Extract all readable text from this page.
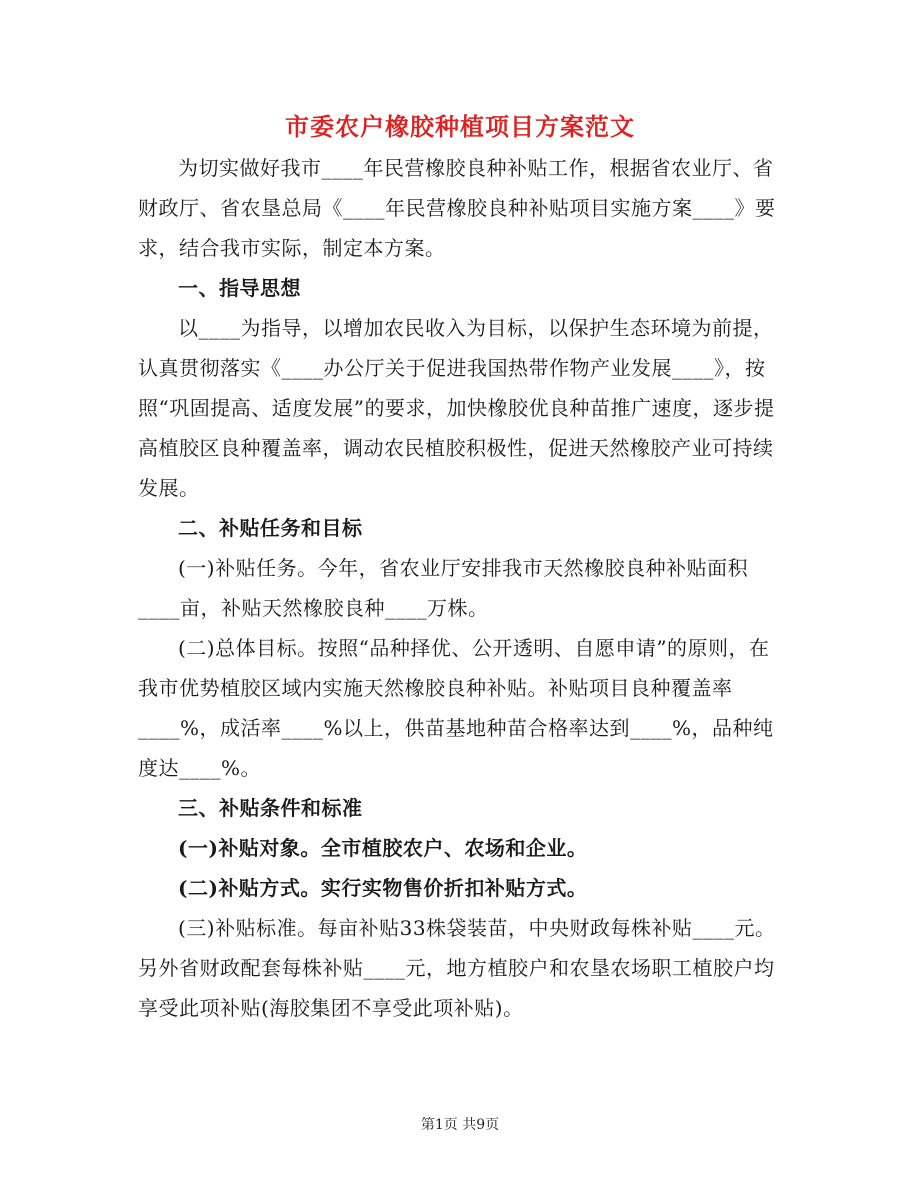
市委农户橡胶种植项目方案范文

为切实做好我市____年民营橡胶良种补贴工作，根据省农业厅、省财政厅、省农垦总局《____年民营橡胶良种补贴项目实施方案____》要求，结合我市实际，制定本方案。

一、指导思想

以____为指导，以增加农民收入为目标，以保护生态环境为前提，认真贯彻落实《____办公厅关于促进我国热带作物产业发展____》，按照“巩固提高、适度发展”的要求，加快橡胶优良种苗推广速度，逐步提高植胶区良种覆盖率，调动农民植胶积极性，促进天然橡胶产业可持续发展。

二、补贴任务和目标

(一)补贴任务。今年，省农业厅安排我市天然橡胶良种补贴面积____亩，补贴天然橡胶良种____万株。

(二)总体目标。按照“品种择优、公开透明、自愿申请”的原则，在我市优势植胶区域内实施天然橡胶良种补贴。补贴项目良种覆盖率____%，成活率____%以上，供苗基地种苗合格率达到____%，品种纯度达____%。

三、补贴条件和标准

(一)补贴对象。全市植胶农户、农场和企业。

(二)补贴方式。实行实物售价折扣补贴方式。

(三)补贴标准。每亩补贴33株袋装苗，中央财政每株补贴____元。另外省财政配套每株补贴____元，地方植胶户和农垦农场职工植胶户均享受此项补贴(海胶集团不享受此项补贴)。

第1页 共9页
